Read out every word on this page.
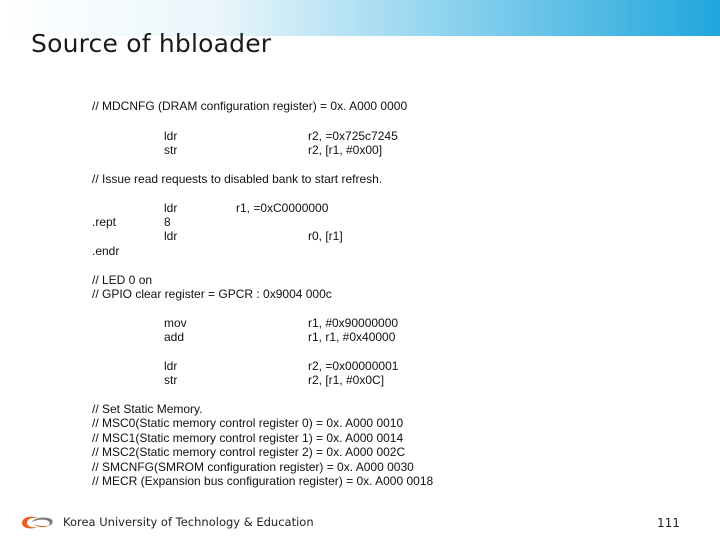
Source of hbloader
// MDCNFG (DRAM configuration register) = 0x. A000 0000
ldr	r2, =0x725c7245
str	r2, [r1, #0x00]
// Issue read requests to disabled bank to start refresh.
ldr	r1, =0xC0000000
.rept	8
ldr	r0, [r1]
.endr
// LED 0 on
// GPIO clear register = GPCR : 0x9004 000c
mov	r1, #0x90000000
add	r1, r1, #0x40000
ldr	r2, =0x00000001
str	r2, [r1, #0x0C]
// Set Static Memory.
// MSC0(Static memory control register 0) = 0x. A000 0010
// MSC1(Static memory control register 1) = 0x. A000 0014
// MSC2(Static memory control register 2) = 0x. A000 002C
// SMCNFG(SMROM configuration register) = 0x. A000 0030
// MECR (Expansion bus configuration register) = 0x. A000 0018
Korea University of Technology & Education	111
